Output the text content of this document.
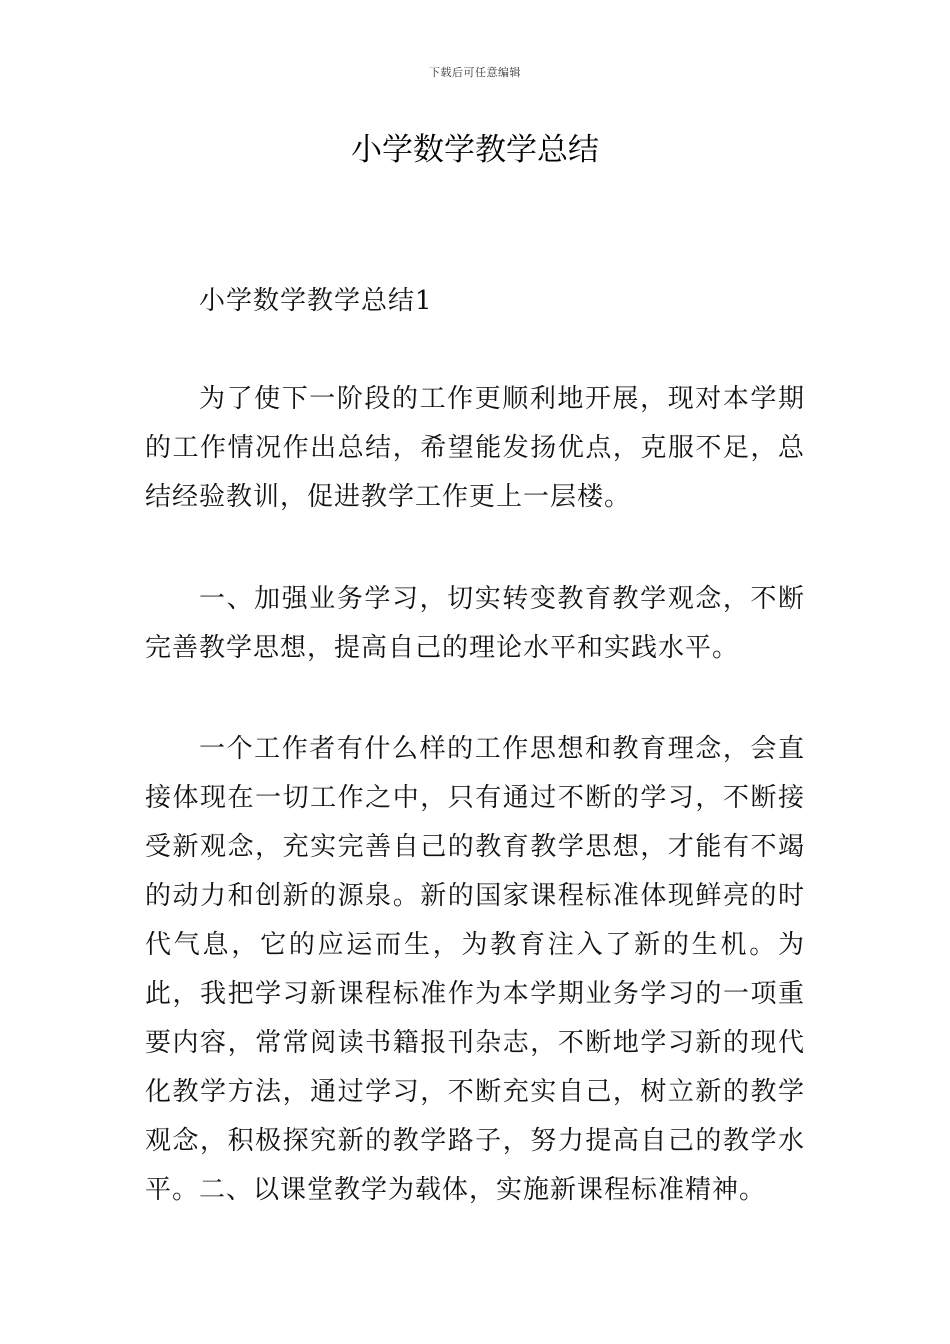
下载后可任意编辑
小学数学教学总结

小学数学教学总结1

为了使下一阶段的工作更顺利地开展，现对本学期的工作情况作出总结，希望能发扬优点，克服不足，总结经验教训，促进教学工作更上一层楼。

一、加强业务学习，切实转变教育教学观念，不断完善教学思想，提高自己的理论水平和实践水平。

一个工作者有什么样的工作思想和教育理念，会直接体现在一切工作之中，只有通过不断的学习，不断接受新观念，充实完善自己的教育教学思想，才能有不竭的动力和创新的源泉。新的国家课程标准体现鲜亮的时代气息，它的应运而生，为教育注入了新的生机。为此，我把学习新课程标准作为本学期业务学习的一项重要内容，常常阅读书籍报刊杂志，不断地学习新的现代化教学方法，通过学习，不断充实自己，树立新的教学观念，积极探究新的教学路子，努力提高自己的教学水平。二、以课堂教学为载体，实施新课程标准精神。
